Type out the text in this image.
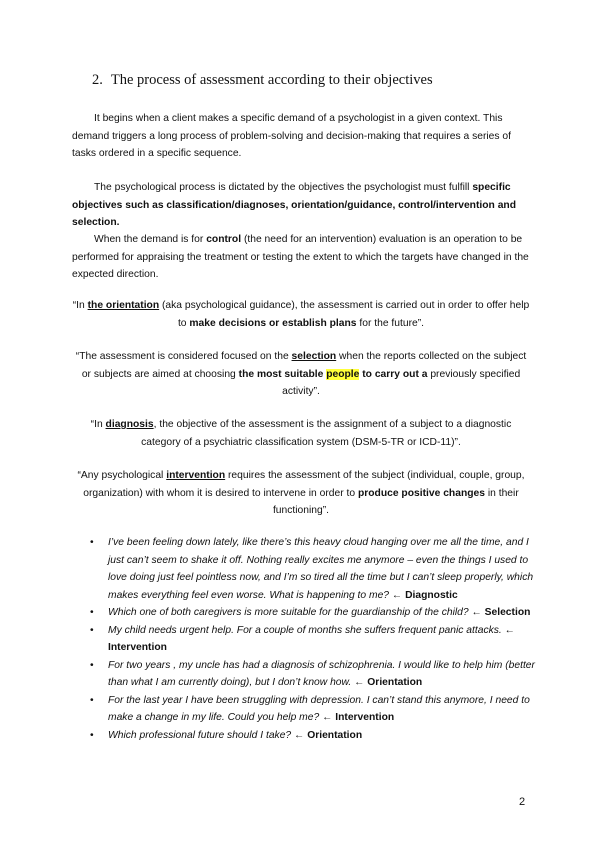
2. The process of assessment according to their objectives

It begins when a client makes a specific demand of a psychologist in a given context. This demand triggers a long process of problem-solving and decision-making that requires a series of tasks ordered in a specific sequence.

The psychological process is dictated by the objectives the psychologist must fulfill specific objectives such as classification/diagnoses, orientation/guidance, control/intervention and selection.

When the demand is for control (the need for an intervention) evaluation is an operation to be performed for appraising the treatment or testing the extent to which the targets have changed in the expected direction.

“In the orientation (aka psychological guidance), the assessment is carried out in order to offer help to make decisions or establish plans for the future”.

“The assessment is considered focused on the selection when the reports collected on the subject or subjects are aimed at choosing the most suitable people to carry out a previously specified activity”.

“In diagnosis, the objective of the assessment is the assignment of a subject to a diagnostic category of a psychiatric classification system (DSM-5-TR or ICD-11)”.

“Any psychological intervention requires the assessment of the subject (individual, couple, group, organization) with whom it is desired to intervene in order to produce positive changes in their functioning”.

• I’ve been feeling down lately, like there’s this heavy cloud hanging over me all the time, and I just can’t seem to shake it off. Nothing really excites me anymore – even the things I used to love doing just feel pointless now, and I’m so tired all the time but I can’t sleep properly, which makes everything feel even worse. What is happening to me? ← Diagnostic
• Which one of both caregivers is more suitable for the guardianship of the child? ← Selection
• My child needs urgent help. For a couple of months she suffers frequent panic attacks. ← Intervention
• For two years , my uncle has had a diagnosis of schizophrenia. I would like to help him (better than what I am currently doing), but I don’t know how. ← Orientation
• For the last year I have been struggling with depression. I can’t stand this anymore, I need to make a change in my life. Could you help me? ← Intervention
• Which professional future should I take? ← Orientation
2
